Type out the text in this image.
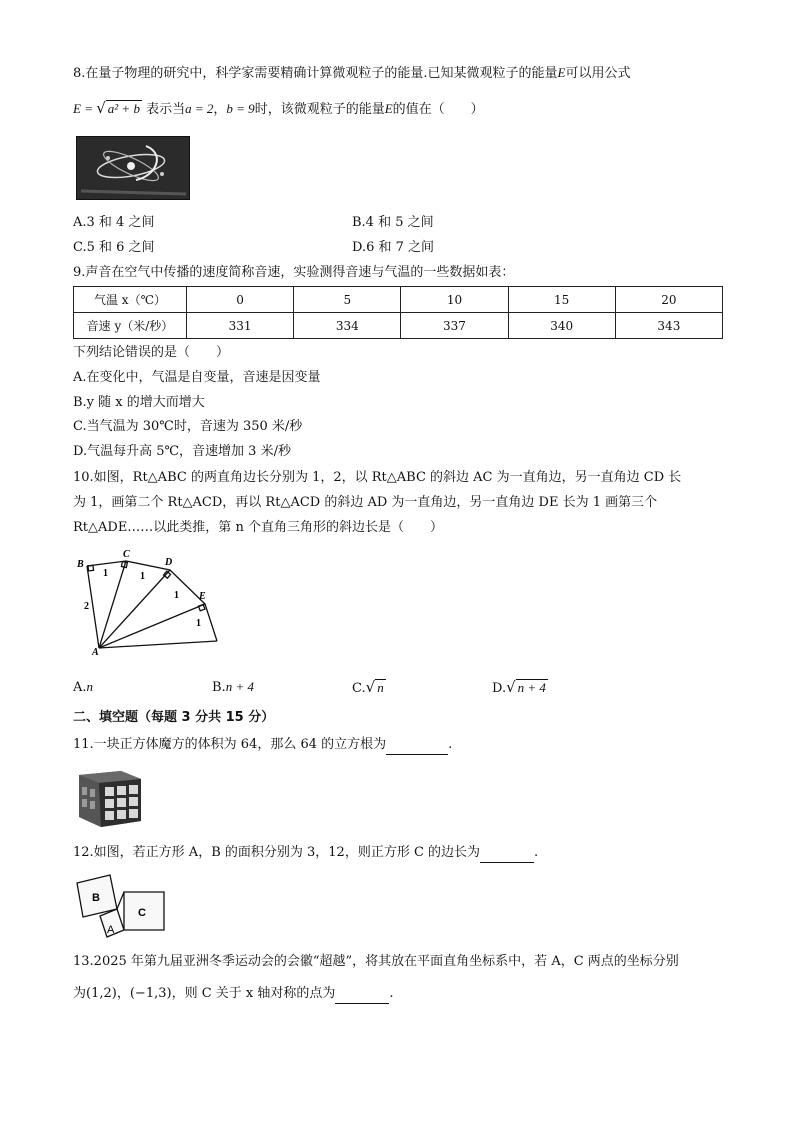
8.在量子物理的研究中，科学家需要精确计算微观粒子的能量.已知某微观粒子的能量E可以用公式
E = √ a² + b 表示当a = 2，b = 9时，该微观粒子的能量E的值在（　　）
A.3 和 4 之间	B.4 和 5 之间
C.5 和 6 之间	D.6 和 7 之间
9.声音在空气中传播的速度简称音速，实验测得音速与气温的一些数据如表：
气温 x（℃）	0	5	10	15	20
音速 y（米/秒）	331	334	337	340	343
下列结论错误的是（　　）
A.在变化中，气温是自变量，音速是因变量
B.y 随 x 的增大而增大
C.当气温为 30℃时，音速为 350 米/秒
D.气温每升高 5℃，音速增加 3 米/秒
10.如图，Rt△ABC 的两直角边长分别为 1，2，以 Rt△ABC 的斜边 AC 为一直角边，另一直角边 CD 长
为 1，画第二个 Rt△ACD，再以 Rt△ACD 的斜边 AD 为一直角边，另一直角边 DE 长为 1 画第三个
Rt△ADE……以此类推，第 n 个直角三角形的斜边长是（　　）
B
C
D
E
A
2
1	1
1
1
A.n	B.n + 4	C.√ n	D.√ n + 4
二、填空题（每题 3 分共 15 分）
11.一块正方体魔方的体积为 64，那么 64 的立方根为	.
12.如图，若正方形 A，B 的面积分别为 3，12，则正方形 C 的边长为	.
B
C
A
13.2025 年第九届亚洲冬季运动会的会徽“超越”，将其放在平面直角坐标系中，若 A，C 两点的坐标分别
为(1,2)，(−1,3)，则 C 关于 x 轴对称的点为	.
